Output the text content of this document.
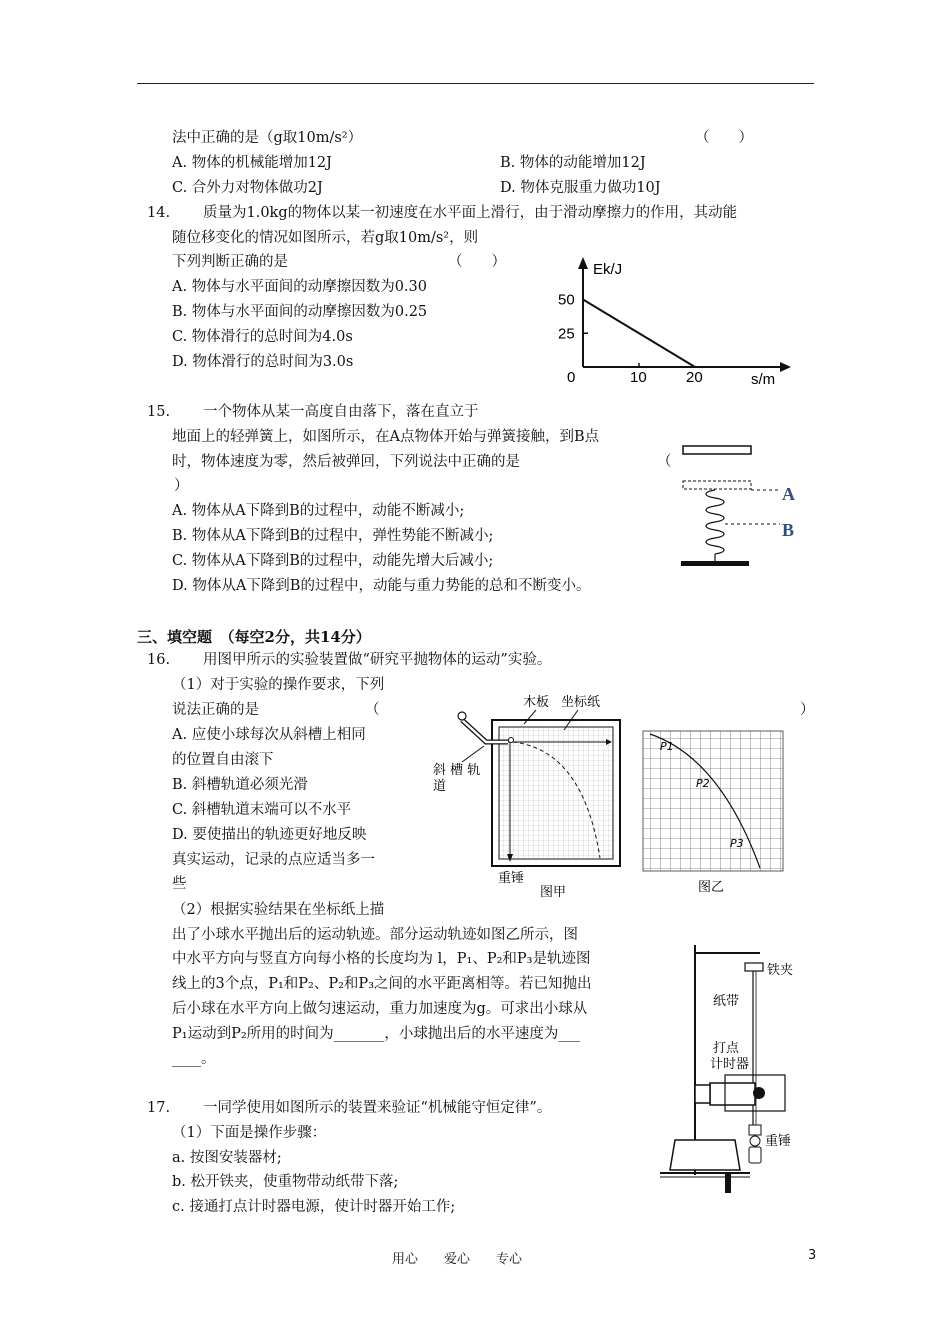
法中正确的是（g取10m/s²）	（　　）
A. 物体的机械能增加12J	B. 物体的动能增加12J
C. 合外力对物体做功2J	D. 物体克服重力做功10J
14. 质量为1.0kg的物体以某一初速度在水平面上滑行，由于滑动摩擦力的作用，其动能
随位移变化的情况如图所示，若g取10m/s²，则
下列判断正确的是	（　　）
A. 物体与水平面间的动摩擦因数为0.30
B. 物体与水平面间的动摩擦因数为0.25
C. 物体滑行的总时间为4.0s
D. 物体滑行的总时间为3.0s
Ek/J
50
25
0	10	20	s/m
15. 一个物体从某一高度自由落下，落在直立于
地面上的轻弹簧上，如图所示，在A点物体开始与弹簧接触，到B点
时，物体速度为零，然后被弹回，下列说法中正确的是	（
）
A. 物体从A下降到B的过程中，动能不断减小;
B. 物体从A下降到B的过程中，弹性势能不断减小;
C. 物体从A下降到B的过程中，动能先增大后减小;
D. 物体从A下降到B的过程中，动能与重力势能的总和不断变小。
A
B
三、填空题　（每空2分，共14分）
16. 用图甲所示的实验装置做“研究平抛物体的运动”实验。
（1）对于实验的操作要求，下列
说法正确的是	（	）
A. 应使小球每次从斜槽上相同
的位置自由滚下
B. 斜槽轨道必须光滑
C. 斜槽轨道末端可以不水平
D. 要使描出的轨迹更好地反映
真实运动，记录的点应适当多一
些
木板 坐标纸
斜 槽 轨
道
重锤
图甲
P1
P2
P3
图乙
（2）根据实验结果在坐标纸上描
出了小球水平抛出后的运动轨迹。部分运动轨迹如图乙所示，图
中水平方向与竖直方向每小格的长度均为 l，P₁、P₂和P₃是轨迹图
线上的3个点，P₁和P₂、P₂和P₃之间的水平距离相等。若已知抛出
后小球在水平方向上做匀速运动，重力加速度为g。可求出小球从
P₁运动到P₂所用的时间为_______，小球抛出后的水平速度为___
____。
17. 一同学使用如图所示的装置来验证“机械能守恒定律”。
（1）下面是操作步骤：
a. 按图安装器材;
b. 松开铁夹，使重物带动纸带下落;
c. 接通打点计时器电源，使计时器开始工作;
铁夹
纸带
打点
计时器
重锤
用心　　爱心　　专心	3
